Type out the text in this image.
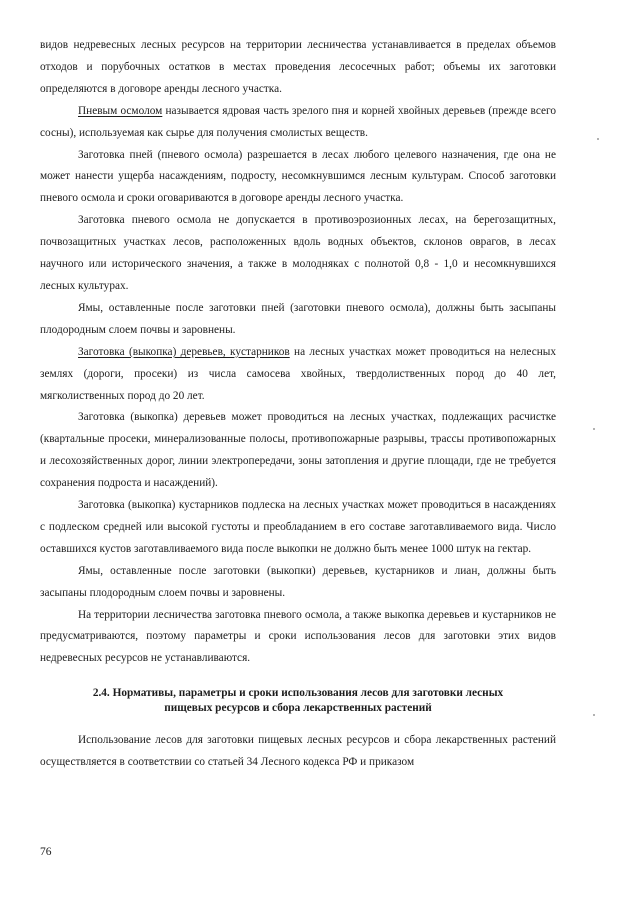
видов недревесных лесных ресурсов на территории лесничества устанавливается в пределах объемов отходов и порубочных остатков в местах проведения лесосечных работ; объемы их заготовки определяются в договоре аренды лесного участка.

Пневым осмолом называется ядровая часть зрелого пня и корней хвойных деревьев (прежде всего сосны), используемая как сырье для получения смолистых веществ.

Заготовка пней (пневого осмола) разрешается в лесах любого целевого назначения, где она не может нанести ущерба насаждениям, подросту, несомкнувшимся лесным культурам. Способ заготовки пневого осмола и сроки оговариваются в договоре аренды лесного участка.

Заготовка пневого осмола не допускается в противоэрозионных лесах, на берегозащитных, почвозащитных участках лесов, расположенных вдоль водных объектов, склонов оврагов, в лесах научного или исторического значения, а также в молодняках с полнотой 0,8 - 1,0 и несомкнувшихся лесных культурах.

Ямы, оставленные после заготовки пней (заготовки пневого осмола), должны быть засыпаны плодородным слоем почвы и заровнены.

Заготовка (выкопка) деревьев, кустарников на лесных участках может проводиться на нелесных землях (дороги, просеки) из числа самосева хвойных, твердолиственных пород до 40 лет, мягколиственных пород до 20 лет.

Заготовка (выкопка) деревьев может проводиться на лесных участках, подлежащих расчистке (квартальные просеки, минерализованные полосы, противопожарные разрывы, трассы противопожарных и лесохозяйственных дорог, линии электропередачи, зоны затопления и другие площади, где не требуется сохранения подроста и насаждений).

Заготовка (выкопка) кустарников подлеска на лесных участках может проводиться в насаждениях с подлеском средней или высокой густоты и преобладанием в его составе заготавливаемого вида. Число оставшихся кустов заготавливаемого вида после выкопки не должно быть менее 1000 штук на гектар.

Ямы, оставленные после заготовки (выкопки) деревьев, кустарников и лиан, должны быть засыпаны плодородным слоем почвы и заровнены.

На территории лесничества заготовка пневого осмола, а также выкопка деревьев и кустарников не предусматриваются, поэтому параметры и сроки использования лесов для заготовки этих видов недревесных ресурсов не устанавливаются.

2.4. Нормативы, параметры и сроки использования лесов для заготовки лесных
пищевых ресурсов и сбора лекарственных растений

Использование лесов для заготовки пищевых лесных ресурсов и сбора лекарственных растений осуществляется в соответствии со статьей 34 Лесного кодекса РФ и приказом

76
